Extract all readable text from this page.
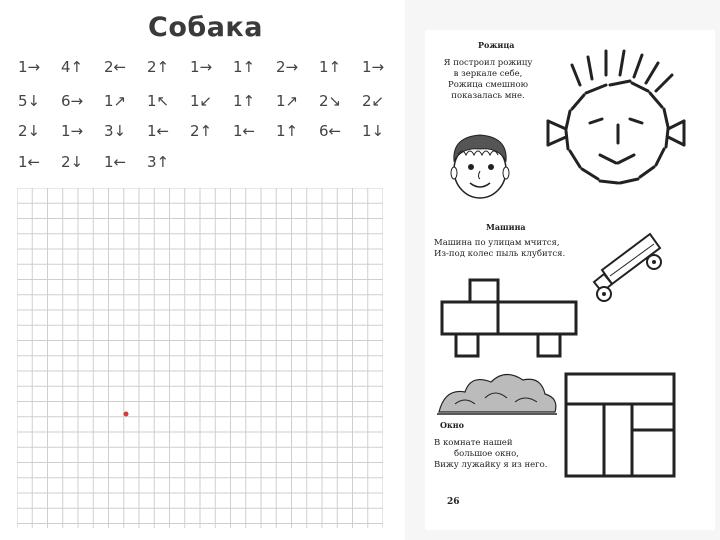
Собака
1→	4↑	2←	2↑	1→	1↑	2→	1↑	1→
5↓	6→	1↗	1↖	1↙	1↑	1↗	2↘	2↙
2↓	1→	3↓	1←	2↑	1←	1↑	6←	1↓
1←	2↓	1←	3↑
Рожица
Я построил рожицу
в зеркале себе,
Рожица смешною
показалась мне.
Машина
Машина по улицам мчится,
Из-под колес пыль клубится.
Окно
В комнате нашей
большое окно,
Вижу лужайку я из него.
26
